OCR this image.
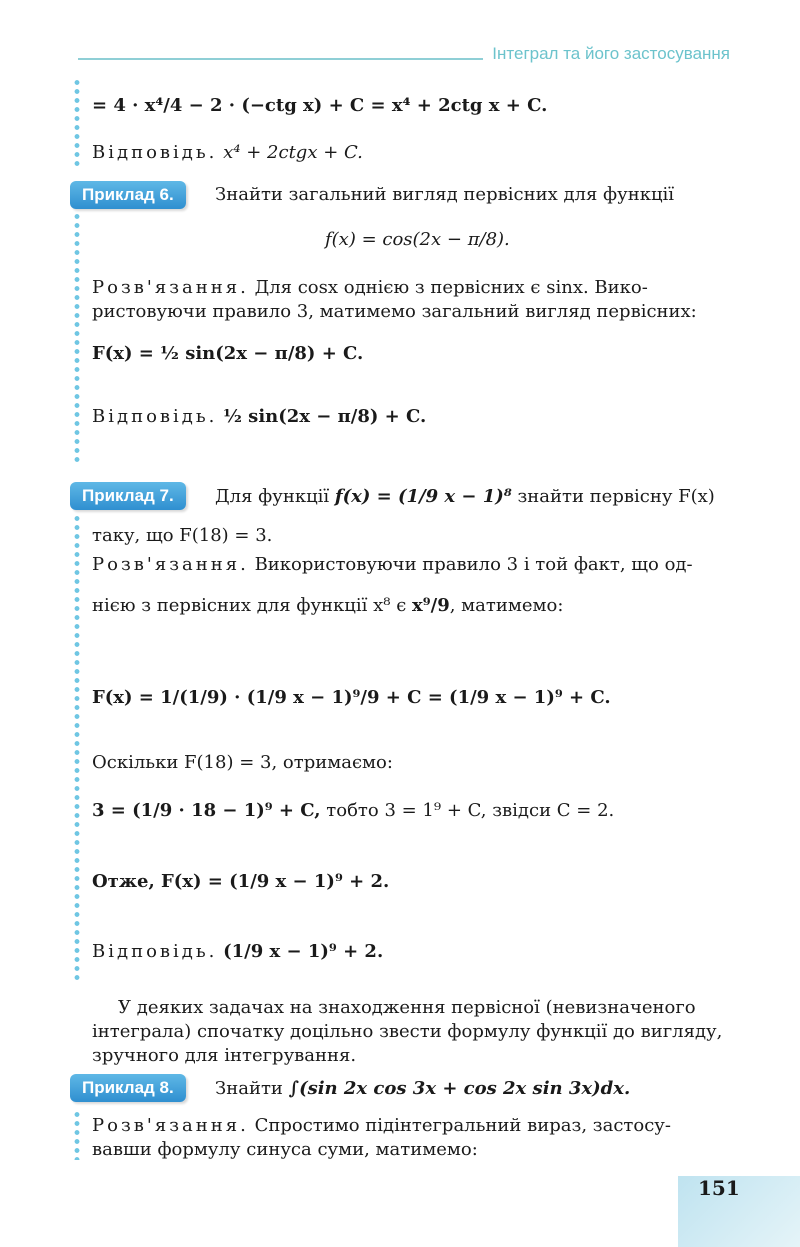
Інтеграл та його застосування
= 4 · x⁴/4 − 2 · (−ctg x) + C = x⁴ + 2ctg x + C.
Відповідь. x⁴ + 2ctgx + C.
Приклад 6.	Знайти загальний вигляд первісних для функції
f(x) = cos(2x − π/8).
Розв'язання. Для cosx однією з первісних є sinx. Вико-
ристовуючи правило 3, матимемо загальний вигляд первісних:
F(x) = ½ sin(2x − π/8) + C.
Відповідь. ½ sin(2x − π/8) + C.
Приклад 7.	Для функції f(x) = (1/9 x − 1)⁸ знайти первісну F(x)
таку, що F(18) = 3.
Розв'язання. Використовуючи правило 3 і той факт, що од-
нією з первісних для функції x⁸ є x⁹/9, матимемо:
F(x) = 1/(1/9) · (1/9 x − 1)⁹/9 + C = (1/9 x − 1)⁹ + C.
Оскільки F(18) = 3, отримаємо:
3 = (1/9 · 18 − 1)⁹ + C, тобто 3 = 1⁹ + C, звідси C = 2.
Отже, F(x) = (1/9 x − 1)⁹ + 2.
Відповідь. (1/9 x − 1)⁹ + 2.
У деяких задачах на знаходження первісної (невизначеного інтеграла) спочатку доцільно звести формулу функції до вигляду, зручного для інтегрування.
Приклад 8.	Знайти ∫(sin 2x cos 3x + cos 2x sin 3x)dx.
Розв'язання. Спростимо підінтегральний вираз, застосу-
вавши формулу синуса суми, матимемо:
151
